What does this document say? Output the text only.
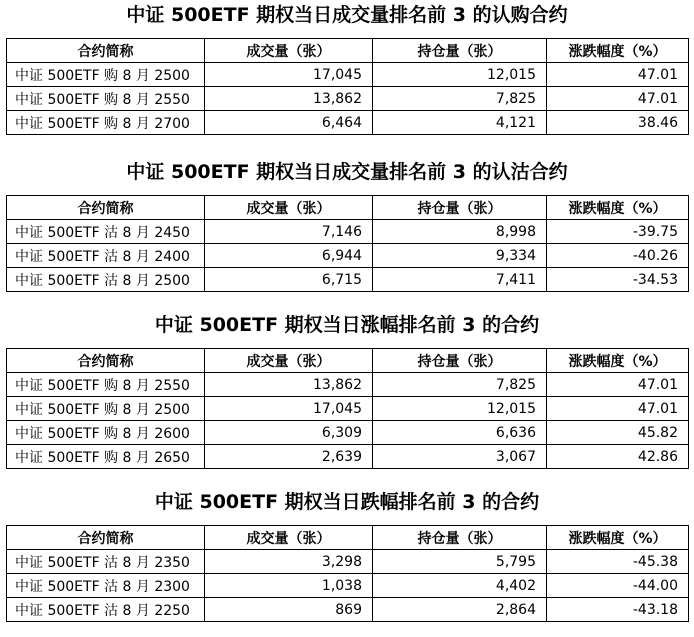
中证 500ETF 期权当日成交量排名前 3 的认购合约
合约简称	成交量（张）	持仓量（张）	涨跌幅度（%）
中证 500ETF 购 8 月 2500	17,045	12,015	47.01
中证 500ETF 购 8 月 2550	13,862	7,825	47.01
中证 500ETF 购 8 月 2700	6,464	4,121	38.46
中证 500ETF 期权当日成交量排名前 3 的认沽合约
合约简称	成交量（张）	持仓量（张）	涨跌幅度（%）
中证 500ETF 沽 8 月 2450	7,146	8,998	-39.75
中证 500ETF 沽 8 月 2400	6,944	9,334	-40.26
中证 500ETF 沽 8 月 2500	6,715	7,411	-34.53
中证 500ETF 期权当日涨幅排名前 3 的合约
合约简称	成交量（张）	持仓量（张）	涨跌幅度（%）
中证 500ETF 购 8 月 2550	13,862	7,825	47.01
中证 500ETF 购 8 月 2500	17,045	12,015	47.01
中证 500ETF 购 8 月 2600	6,309	6,636	45.82
中证 500ETF 购 8 月 2650	2,639	3,067	42.86
中证 500ETF 期权当日跌幅排名前 3 的合约
合约简称	成交量（张）	持仓量（张）	涨跌幅度（%）
中证 500ETF 沽 8 月 2350	3,298	5,795	-45.38
中证 500ETF 沽 8 月 2300	1,038	4,402	-44.00
中证 500ETF 沽 8 月 2250	869	2,864	-43.18
